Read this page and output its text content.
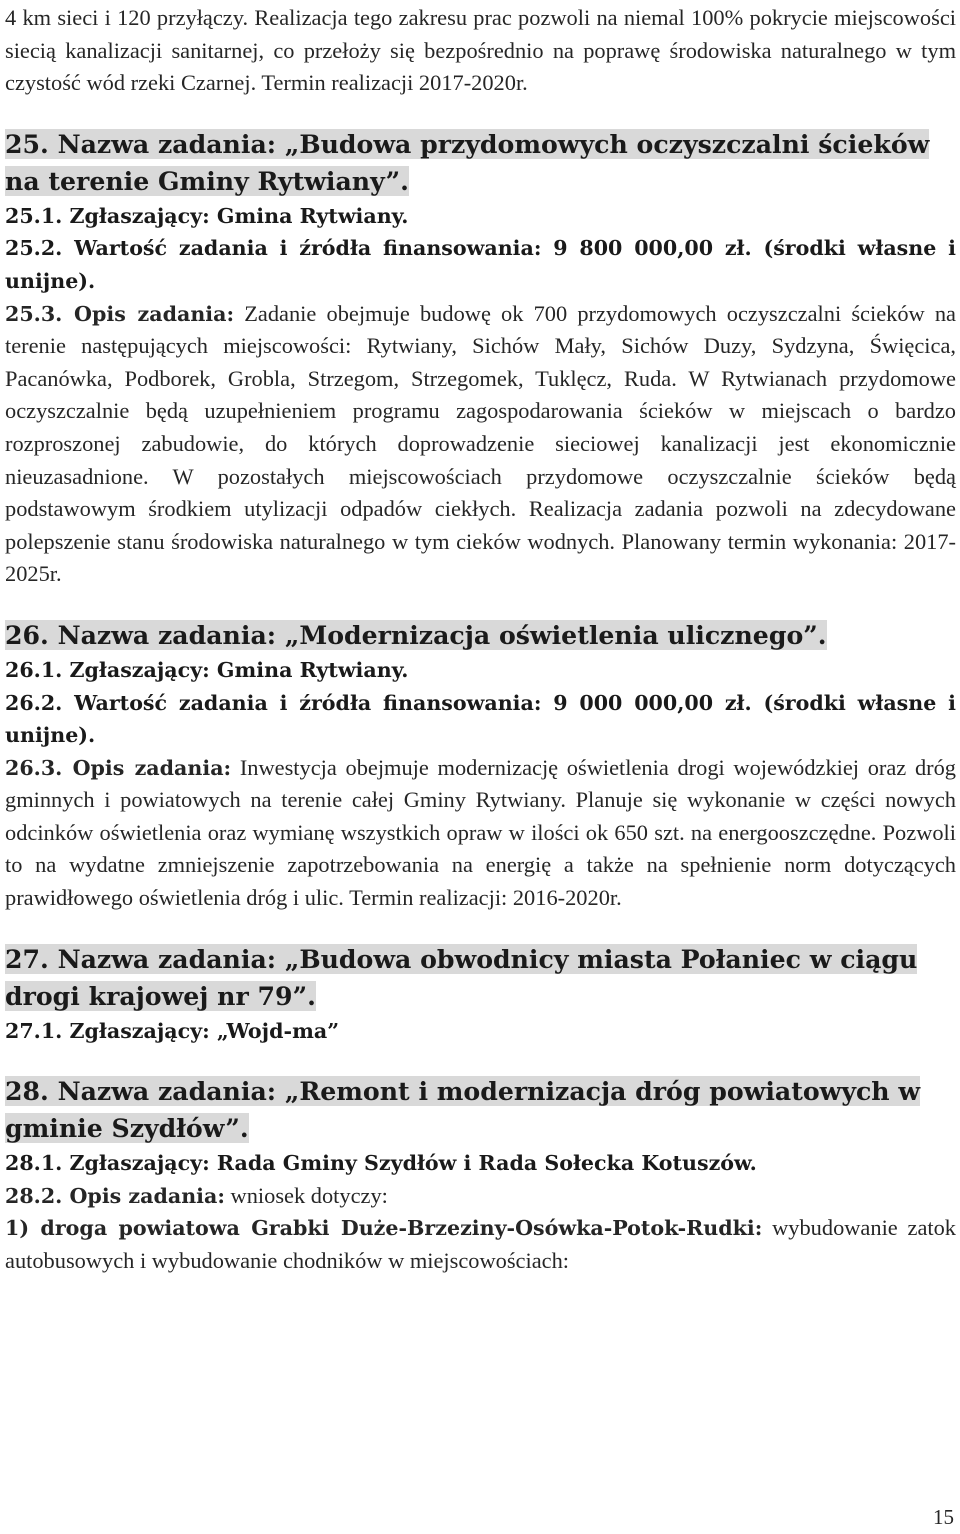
4 km sieci i 120 przyłączy. Realizacja tego zakresu prac pozwoli na niemal 100% pokrycie miejscowości siecią kanalizacji sanitarnej, co przełoży się bezpośrednio na poprawę środowiska naturalnego w tym czystość wód rzeki Czarnej. Termin realizacji 2017-2020r.

25. Nazwa zadania: „Budowa przydomowych oczyszczalni ścieków na terenie Gminy Rytwiany”.

25.1. Zgłaszający: Gmina Rytwiany.

25.2. Wartość zadania i źródła finansowania: 9 800 000,00 zł. (środki własne i unijne).

25.3. Opis zadania: Zadanie obejmuje budowę ok 700 przydomowych oczyszczalni ścieków na terenie następujących miejscowości: Rytwiany, Sichów Mały, Sichów Duzy, Sydzyna, Święcica, Pacanówka, Podborek, Grobla, Strzegom, Strzegomek, Tuklęcz, Ruda. W Rytwianach przydomowe oczyszczalnie będą uzupełnieniem programu zagospodarowania ścieków w miejscach o bardzo rozproszonej zabudowie, do których doprowadzenie sieciowej kanalizacji jest ekonomicznie nieuzasadnione. W pozostałych miejscowościach przydomowe oczyszczalnie ścieków będą podstawowym środkiem utylizacji odpadów ciekłych. Realizacja zadania pozwoli na zdecydowane polepszenie stanu środowiska naturalnego w tym cieków wodnych. Planowany termin wykonania: 2017-2025r.

26. Nazwa zadania: „Modernizacja oświetlenia ulicznego”.

26.1. Zgłaszający: Gmina Rytwiany.

26.2. Wartość zadania i źródła finansowania: 9 000 000,00 zł. (środki własne i unijne).

26.3. Opis zadania: Inwestycja obejmuje modernizację oświetlenia drogi wojewódzkiej oraz dróg gminnych i powiatowych na terenie całej Gminy Rytwiany. Planuje się wykonanie w części nowych odcinków oświetlenia oraz wymianę wszystkich opraw w ilości ok 650 szt. na energooszczędne. Pozwoli to na wydatne zmniejszenie zapotrzebowania na energię a także na spełnienie norm dotyczących prawidłowego oświetlenia dróg i ulic. Termin realizacji: 2016-2020r.

27. Nazwa zadania: „Budowa obwodnicy miasta Połaniec w ciągu drogi krajowej nr 79”.

27.1. Zgłaszający: „Wojd-ma”

28. Nazwa zadania: „Remont i modernizacja dróg powiatowych w gminie Szydłów”.

28.1. Zgłaszający: Rada Gminy Szydłów i Rada Sołecka Kotuszów.

28.2. Opis zadania: wniosek dotyczy:

1) droga powiatowa Grabki Duże-Brzeziny-Osówka-Potok-Rudki: wybudowanie zatok autobusowych i wybudowanie chodników w miejscowościach:

15
